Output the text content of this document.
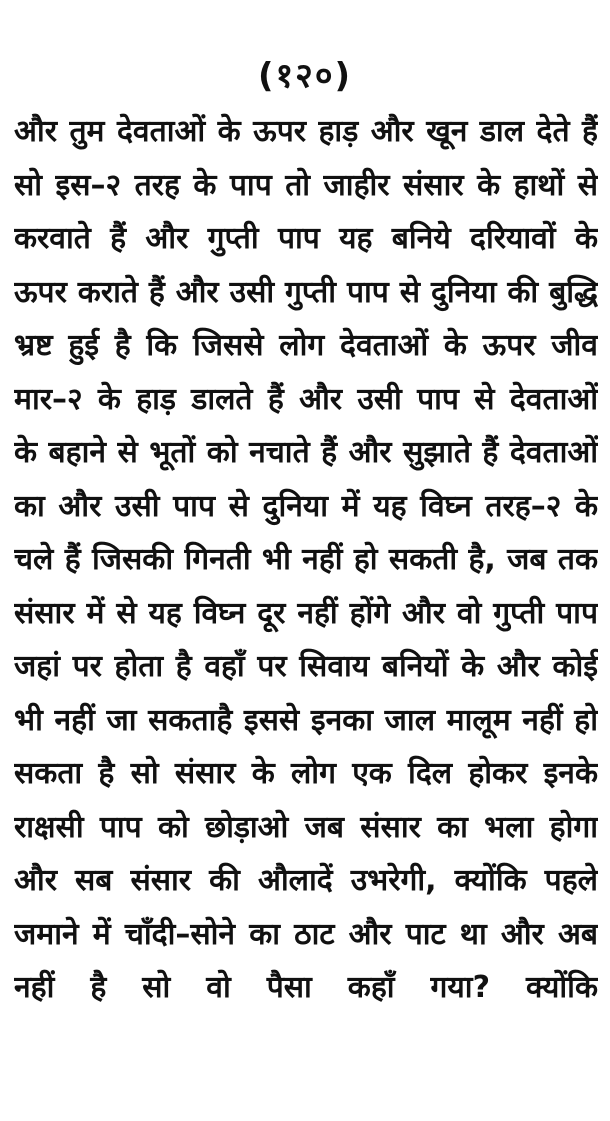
(१२०)
और तुम देवताओं के ऊपर हाड़ और खून डाल देते हैं
सो इस–२ तरह के पाप तो जाहीर संसार के हाथों से
करवाते हैं और गुप्ती पाप यह बनिये दरियावों के
ऊपर कराते हैं और उसी गुप्ती पाप से दुनिया की बुद्धि
भ्रष्ट हुई है कि जिससे लोग देवताओं के ऊपर जीव
मार–२ के हाड़ डालते हैं और उसी पाप से देवताओं
के बहाने से भूतों को नचाते हैं और सुझाते हैं देवताओं
का और उसी पाप से दुनिया में यह विघ्न तरह–२ के
चले हैं जिसकी गिनती भी नहीं हो सकती है, जब तक
संसार में से यह विघ्न दूर नहीं होंगे और वो गुप्ती पाप
जहां पर होता है वहाँ पर सिवाय बनियों के और कोई
भी नहीं जा सकताहै इससे इनका जाल मालूम नहीं हो
सकता है सो संसार के लोग एक दिल होकर इनके
राक्षसी पाप को छोड़ाओ जब संसार का भला होगा
और सब संसार की औलादें उभरेगी, क्योंकि पहले
जमाने में चाँदी–सोने का ठाट और पाट था और अब
नहीं है सो वो पैसा कहाँ गया? क्योंकि
